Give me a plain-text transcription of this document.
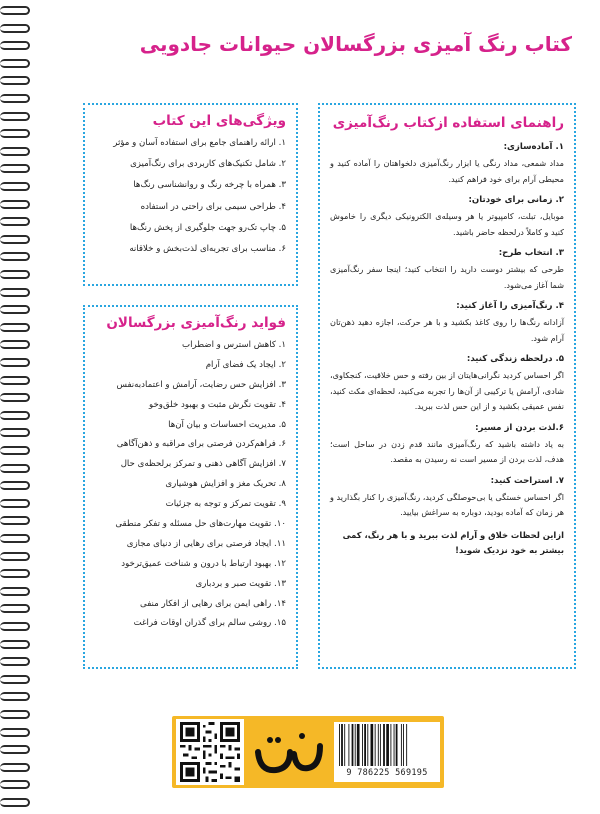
کتاب رنگ آمیزی بزرگسالان حیوانات جادویی
راهنمای استفاده ازکتاب رنگ‌آمیزی
۱. آماده‌سازی:
مداد شمعی، مداد رنگی یا ابزار رنگ‌آمیزی دلخواهتان را آماده کنید و محیطی آرام برای خود فراهم کنید.
۲. زمانی برای خودتان:
موبایل، تبلت، کامپیوتر یا هر وسیله‌ی الکترونیکی دیگری را خاموش کنید و کاملاً درلحظه حاضر باشید.
۳. انتخاب طرح:
طرحی که بیشتر دوست دارید را انتخاب کنید؛ اینجا سفر رنگ‌آمیزی شما آغاز می‌شود.
۴. رنگ‌آمیزی را آغاز کنید:
آزادانه رنگ‌ها را روی کاغذ بکشید و با هر حرکت، اجازه دهید ذهن‌تان آرام شود.
۵. درلحظه زندگی کنید:
اگر احساس کردید نگرانی‌هایتان از بین رفته و حس خلاقیت، کنجکاوی، شادی، آرامش یا ترکیبی از آن‌ها را تجربه می‌کنید، لحظه‌ای مکث کنید، نفس عمیقی بکشید و از این حس لذت ببرید.
۶.لذت بردن از مسیر:
به یاد داشته باشید که رنگ‌آمیزی مانند قدم زدن در ساحل است؛ هدف، لذت بردن از مسیر است نه رسیدن به مقصد.
۷. استراحت کنید:
اگر احساس خستگی یا بی‌حوصلگی کردید، رنگ‌آمیزی را کنار بگذارید و هر زمان که آماده بودید، دوباره به سراغش بیایید.
ازاین لحظات خلاق و آرام لذت ببرید و با هر رنگ، کمی بیشتر به خود نزدیک شوید!
ویژگی‌های این کتاب
۱. ارائه راهنمای جامع برای استفاده آسان و مؤثر
۲. شامل تکنیک‌های کاربردی برای رنگ‌آمیزی
۳. همراه با چرخه رنگ و روانشناسی رنگ‌ها
۴. طراحی سیمی برای راحتی در استفاده
۵. چاپ تک‌رو جهت جلوگیری از پخش رنگ‌ها
۶. مناسب برای تجربه‌ای لذت‌بخش و خلاقانه
فواید رنگ‌آمیزی بزرگسالان
۱. کاهش استرس و اضطراب
۲. ایجاد یک فضای آرام
۳. افزایش حس رضایت، آرامش و اعتمادبه‌نفس
۴. تقویت نگرش مثبت و بهبود خلق‌وخو
۵. مدیریت احساسات و بیان آن‌ها
۶. فراهم‌کردن فرصتی برای مراقبه و ذهن‌آگاهی
۷. افزایش آگاهی ذهنی و تمرکز برلحظه‌ی حال
۸. تحریک مغز و افزایش هوشیاری
۹. تقویت تمرکز و توجه به جزئیات
۱۰. تقویت مهارت‌های حل مسئله و تفکر منطقی
۱۱. ایجاد فرصتی برای رهایی از دنیای مجازی
۱۲. بهبود ارتباط با درون و شناخت عمیق‌ترخود
۱۳. تقویت صبر و بردباری
۱۴. راهی ایمن برای رهایی از افکار منفی
۱۵. روشی سالم برای گذران اوقات فراغت
9 786225 569195
